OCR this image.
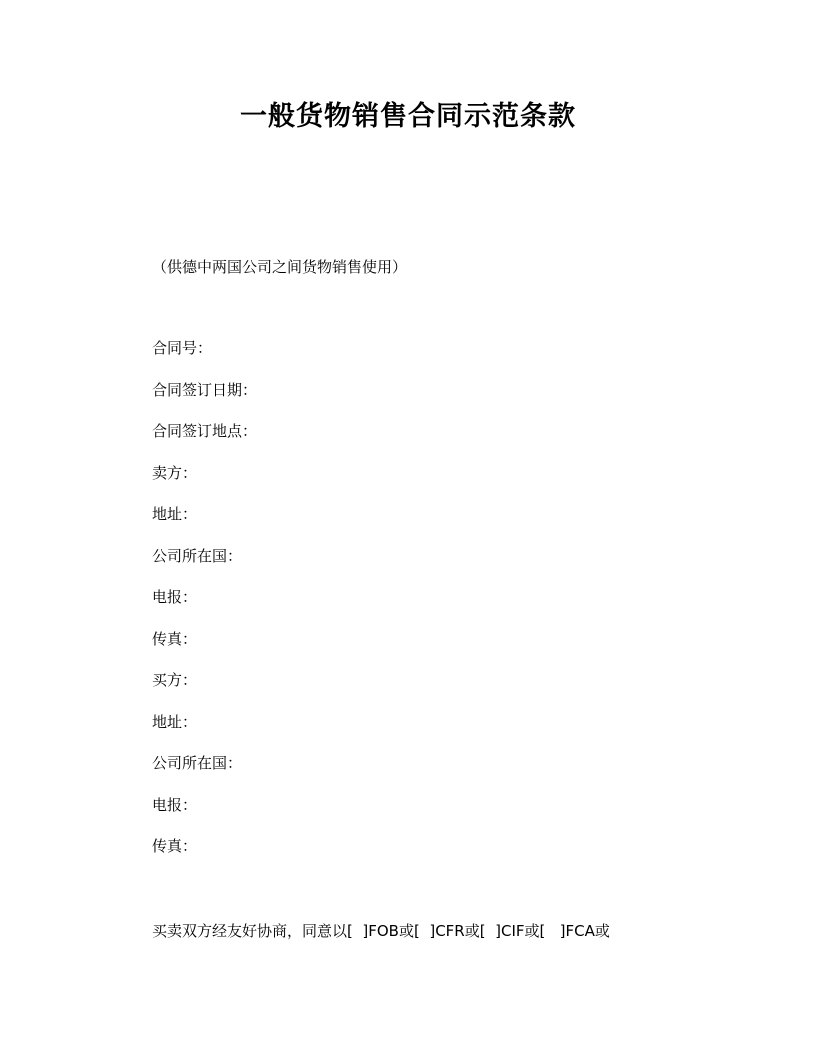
一般货物销售合同示范条款
（供德中两国公司之间货物销售使用）
合同号：
合同签订日期：
合同签订地点：
卖方：
地址：
公司所在国：
电报：
传真：
买方：
地址：
公司所在国：
电报：
传真：
买卖双方经友好协商，同意以[  ]FOB或[  ]CFR或[  ]CIF或[   ]FCA或
